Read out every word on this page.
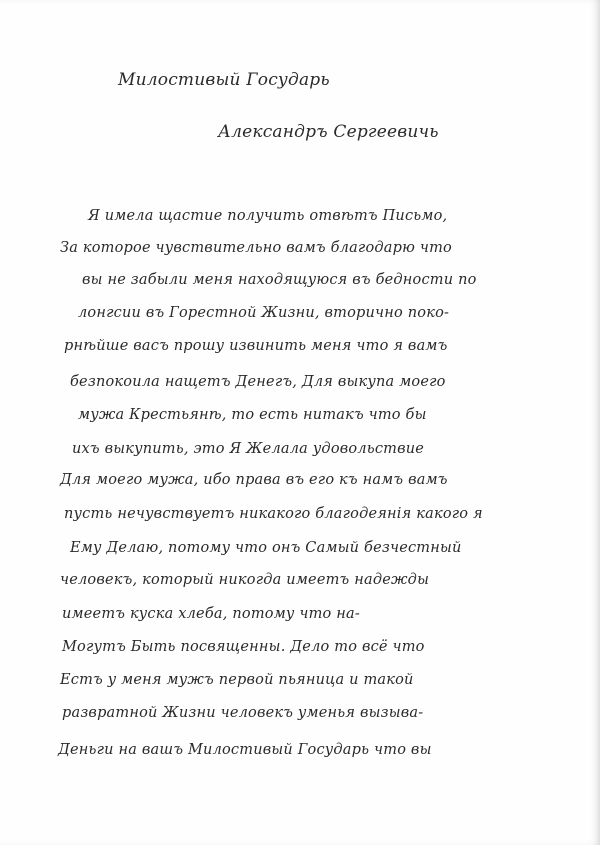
Милостивый Государь
Александръ Сергеевичь
Я имела щастие получить отвѣтъ Письмо,
За которое чувствительно вамъ благодарю что
вы не забыли меня находящуюся въ бедности по
лонгсии въ Горестной Жизни, вторично поко-
рнѣйше васъ прошу извинить меня что я вамъ
безпокоила нащетъ Денегъ, Для выкупа моего
мужа Крестьянѣ, то есть нитакъ что бы
ихъ выкупить, это Я Желала удовольствие
Для моего мужа, ибо права въ его къ намъ вамъ
пусть нечувствуетъ никакого благодеянія какого я
Ему Делаю, потому что онъ Самый безчестный
человекъ, который никогда имеетъ надежды
имеетъ куска хлеба, потому что на-
Могутъ Быть посвященны. Дело то всё что
Естъ у меня мужъ первой пьяница и такой
развратной Жизни человекъ уменья вызыва-
Деньги на вашъ Милостивый Государь что вы
